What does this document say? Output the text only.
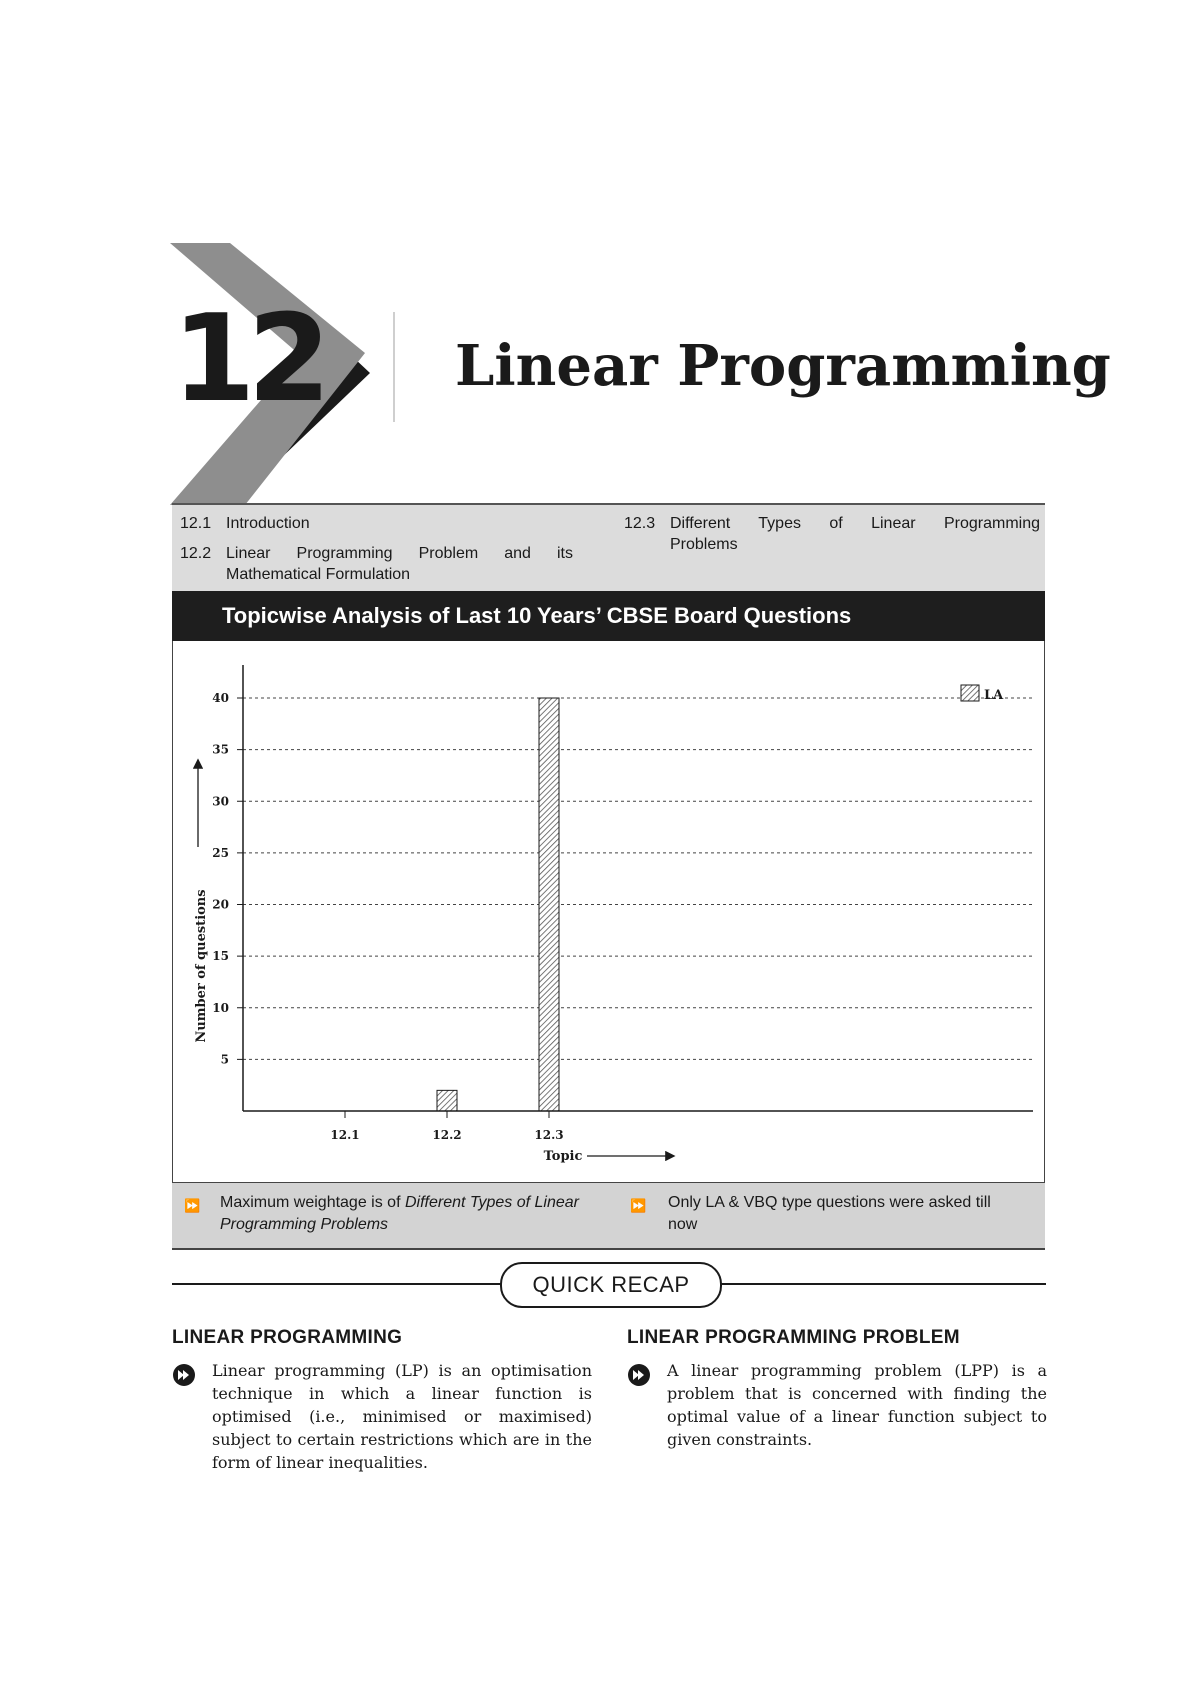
12 Linear Programming
12.1 Introduction
12.2 Linear Programming Problem and its
Mathematical Formulation
12.3 Different Types of Linear Programming
Problems
Topicwise Analysis of Last 10 Years’ CBSE Board Questions
5
10
15
20
25
30
35
40
12.1	12.2	12.3
Topic
Number of questions
LA
⏩ Maximum weightage is of Different Types of Linear
Programming Problems
⏩ Only LA & VBQ type questions were asked till
now
QUICK RECAP
LINEAR PROGRAMMING
Linear programming (LP) is an optimisation technique in which a linear function is optimised (i.e., minimised or maximised) subject to certain restrictions which are in the form of linear inequalities.
LINEAR PROGRAMMING PROBLEM
A linear programming problem (LPP) is a problem that is concerned with finding the optimal value of a linear function subject to given constraints.
